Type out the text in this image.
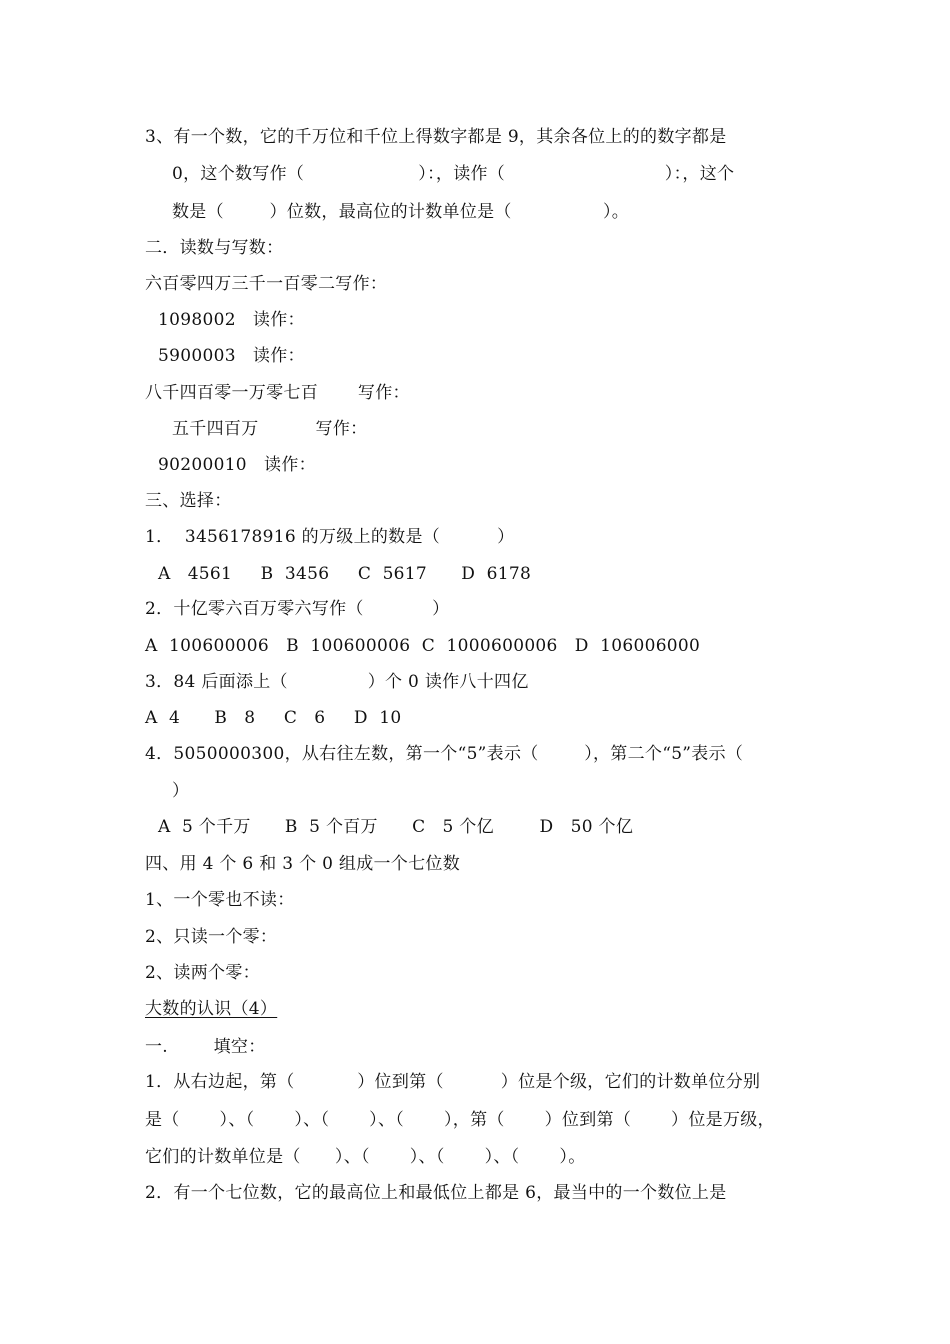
3、有一个数，它的千万位和千位上得数字都是 9，其余各位上的的数字都是
0，这个数写作（                    ）：，读作（                            ）：，这个
数是（        ）位数，最高位的计数单位是（                ）。
二．读数与写数：
六百零四万三千一百零二写作：
1098002   读作：
5900003   读作：
八千四百零一万零七百       写作：
五千四百万          写作：
90200010   读作：
三、选择：
1．  3456178916 的万级上的数是（          ）
A   4561     B  3456     C  5617      D  6178
2．十亿零六百万零六写作（            ）
A  100600006   B  100600006  C  1000600006   D  106006000
3．84 后面添上（              ）个 0 读作八十四亿
A  4      B   8     C   6     D  10
4．5050000300，从右往左数，第一个“5”表示（        ），第二个“5”表示（
）
A  5 个千万      B  5 个百万      C   5 个亿        D   50 个亿
四、用 4 个 6 和 3 个 0 组成一个七位数
1、一个零也不读：
2、只读一个零：
2、读两个零：
大数的认识（4）
一.        填空：
1．从右边起，第（           ）位到第（          ）位是个级，它们的计数单位分别
是（       ）、（       ）、（       ）、（       ），第（       ）位到第（       ）位是万级，
它们的计数单位是（      ）、（       ）、（       ）、（       ）。
2．有一个七位数，它的最高位上和最低位上都是 6，最当中的一个数位上是
